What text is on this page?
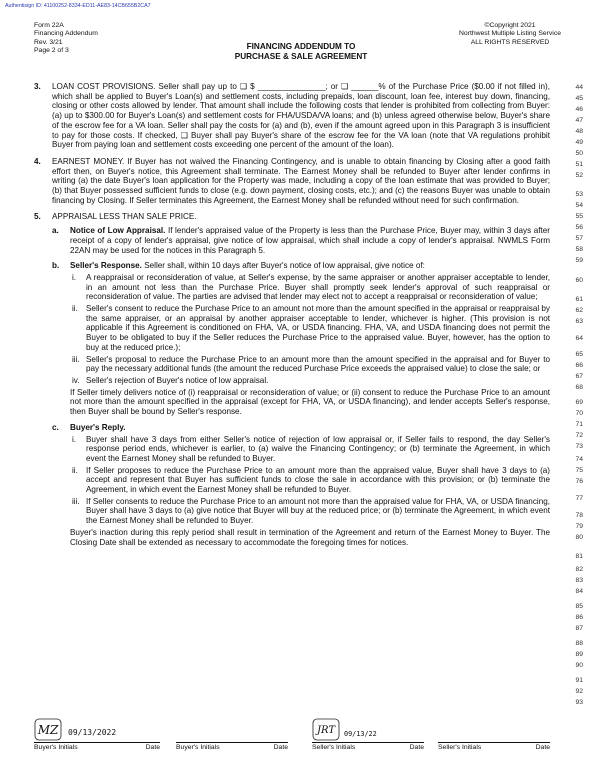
Authentisign ID: 41100252-8334-ED11-AE83-14CB655B2CA7
Form 22A
Financing Addendum
Rev. 3/21
Page 2 of 3	FINANCING ADDENDUM TO
PURCHASE & SALE AGREEMENT
©Copyright 2021
Northwest Multiple Listing Service
ALL RIGHTS RESERVED
3. LOAN COST PROVISIONS. Seller shall pay up to ❑ $ _______________; or ❑ ______% of the Purchase Price ($0.00 if not filled in), which shall be applied to Buyer's Loan(s) and settlement costs, including prepaids, loan discount, loan fee, interest buy down, financing, closing or other costs allowed by lender. That amount shall include the following costs that lender is prohibited from collecting from Buyer: (a) up to $300.00 for Buyer's Loan(s) and settlement costs for FHA/USDA/VA loans; and (b) unless agreed otherwise below, Buyer's share of the escrow fee for a VA loan. Seller shall pay the costs for (a) and (b), even if the amount agreed upon in this Paragraph 3 is insufficient to pay for those costs. If checked, ❑ Buyer shall pay Buyer's share of the escrow fee for the VA loan (note that VA regulations prohibit Buyer from paying loan and settlement costs exceeding one percent of the amount of the loan).

4. EARNEST MONEY. If Buyer has not waived the Financing Contingency, and is unable to obtain financing by Closing after a good faith effort then, on Buyer's notice, this Agreement shall terminate. The Earnest Money shall be refunded to Buyer after lender confirms in writing (a) the date Buyer's loan application for the Property was made, including a copy of the loan estimate that was provided to Buyer; (b) that Buyer possessed sufficient funds to close (e.g. down payment, closing costs, etc.); and (c) the reasons Buyer was unable to obtain financing by Closing. If Seller terminates this Agreement, the Earnest Money shall be refunded without need for such confirmation.

5. APPRAISAL LESS THAN SALE PRICE.

a. Notice of Low Appraisal. If lender's appraised value of the Property is less than the Purchase Price, Buyer may, within 3 days after receipt of a copy of lender's appraisal, give notice of low appraisal, which shall include a copy of lender's appraisal. NWMLS Form 22AN may be used for the notices in this Paragraph 5.

b. Seller's Response. Seller shall, within 10 days after Buyer's notice of low appraisal, give notice of:

i. A reappraisal or reconsideration of value, at Seller's expense, by the same appraiser or another appraiser acceptable to lender, in an amount not less than the Purchase Price. Buyer shall promptly seek lender's approval of such reappraisal or reconsideration of value. The parties are advised that lender may elect not to accept a reappraisal or reconsideration of value;

ii. Seller's consent to reduce the Purchase Price to an amount not more than the amount specified in the appraisal or reappraisal by the same appraiser, or an appraisal by another appraiser acceptable to lender, whichever is higher. (This provision is not applicable if this Agreement is conditioned on FHA, VA, or USDA financing. FHA, VA, and USDA financing does not permit the Buyer to be obligated to buy if the Seller reduces the Purchase Price to the appraised value. Buyer, however, has the option to buy at the reduced price.);

iii. Seller's proposal to reduce the Purchase Price to an amount more than the amount specified in the appraisal and for Buyer to pay the necessary additional funds (the amount the reduced Purchase Price exceeds the appraised value) to close the sale; or

iv. Seller's rejection of Buyer's notice of low appraisal.

If Seller timely delivers notice of (i) reappraisal or reconsideration of value; or (ii) consent to reduce the Purchase Price to an amount not more than the amount specified in the appraisal (except for FHA, VA, or USDA financing), and lender accepts Seller's response, then Buyer shall be bound by Seller's response.

c. Buyer's Reply.

i. Buyer shall have 3 days from either Seller's notice of rejection of low appraisal or, if Seller fails to respond, the day Seller's response period ends, whichever is earlier, to (a) waive the Financing Contingency; or (b) terminate the Agreement, in which event the Earnest Money shall be refunded to Buyer.

ii. If Seller proposes to reduce the Purchase Price to an amount more than the appraised value, Buyer shall have 3 days to (a) accept and represent that Buyer has sufficient funds to close the sale in accordance with this provision; or (b) terminate the Agreement, in which event the Earnest Money shall be refunded to Buyer.

iii. If Seller consents to reduce the Purchase Price to an amount not more than the appraised value for FHA, VA, or USDA financing, Buyer shall have 3 days to (a) give notice that Buyer will buy at the reduced price; or (b) terminate the Agreement, in which event the Earnest Money shall be refunded to Buyer.

Buyer's inaction during this reply period shall result in termination of the Agreement and return of the Earnest Money to Buyer. The Closing Date shall be extended as necessary to accommodate the foregoing times for notices.

44
45
46
47
48
49
50
51
52
53
54
55
56
57
58
59
60
61
62
63
64
65
66
67
68
69
70
71
72
73
74
75
76
77
78
79
80
81
82
83
84
85
86
87
88
89
90
91
92
93
MZ 09/13/2022
Buyer's Initials	Date Buyer's Initials	Date
JRT 09/13/22
Seller's Initials	Date Seller's Initials	Date
